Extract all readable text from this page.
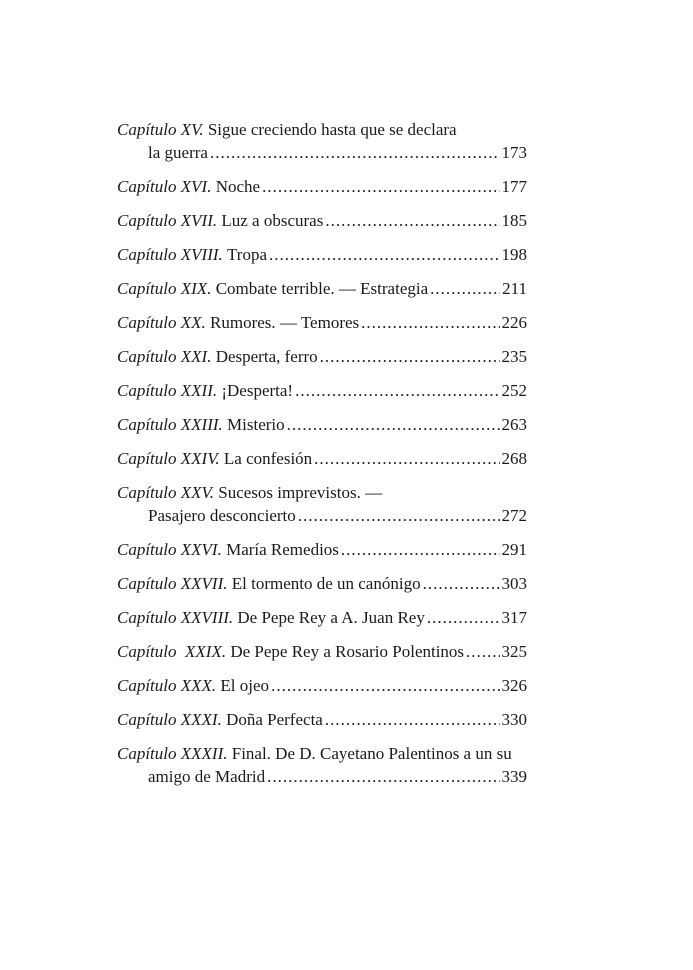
Capítulo XV.
Sigue creciendo hasta que se declara
la guerra .....	173
Capítulo XVI.
Noche .....	177
Capítulo XVII.
Luz a obscuras .....	185
Capítulo XVIII.
Tropa .....	198
Capítulo XIX.
Combate terrible. — Estrategia .....	211
Capítulo XX.
Rumores. — Temores .....	226
Capítulo XXI.
Desperta, ferro .....	235
Capítulo XXII.
¡Desperta! .....	252
Capítulo XXIII.
Misterio .....	263
Capítulo XXIV.
La confesión .....	268
Capítulo XXV.
Sucesos imprevistos. —
Pasajero desconcierto .....	272
Capítulo XXVI.
María Remedios .....	291
Capítulo XXVII.
El tormento de un canónigo .....	303
Capítulo XXVIII.
De Pepe Rey a A. Juan Rey .....	317
Capítulo  XXIX.
De Pepe Rey a Rosario Polentinos ..... 325
Capítulo XXX.
El ojeo .....	326
Capítulo XXXI.
Doña Perfecta .....	330
Capítulo XXXII.
Final. De D. Cayetano Palentinos a un su
amigo de Madrid .....	339
